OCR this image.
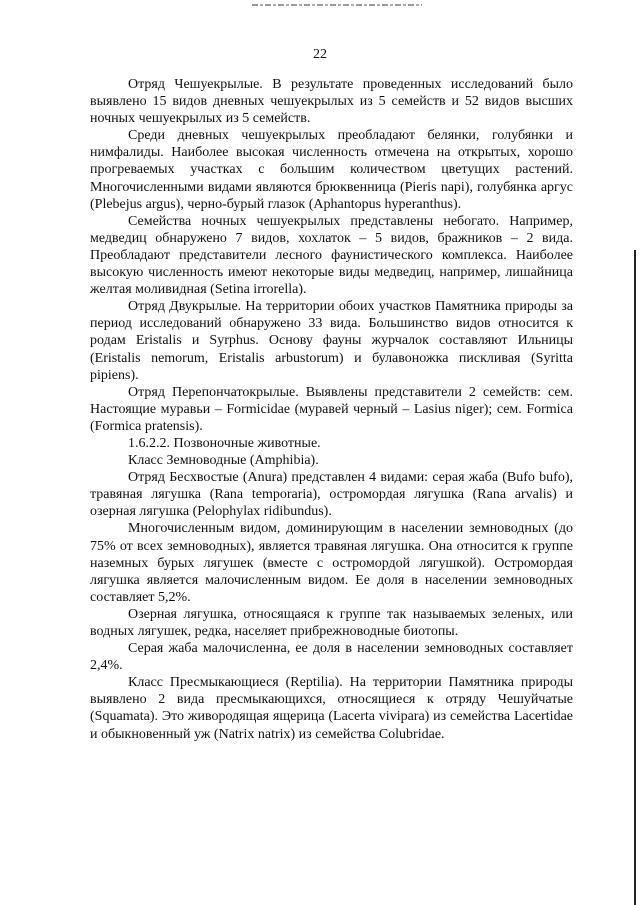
22

Отряд Чешуекрылые. В результате проведенных исследований было выявлено 15 видов дневных чешуекрылых из 5 семейств и 52 видов высших ночных чешуекрылых из 5 семейств.

Среди дневных чешуекрылых преобладают белянки, голубянки и нимфалиды. Наиболее высокая численность отмечена на открытых, хорошо прогреваемых участках с большим количеством цветущих растений. Многочисленными видами являются брюквенница (Pieris napi), голубянка аргус (Plebejus argus), черно-бурый глазок (Aphantopus hyperanthus).

Семейства ночных чешуекрылых представлены небогато. Например, медведиц обнаружено 7 видов, хохлаток – 5 видов, бражников – 2 вида. Преобладают представители лесного фаунистического комплекса. Наиболее высокую численность имеют некоторые виды медведиц, например, лишайница желтая моливидная (Setina irrorella).

Отряд Двукрылые. На территории обоих участков Памятника природы за период исследований обнаружено 33 вида. Большинство видов относится к родам Eristalis и Syrphus. Основу фауны журчалок составляют Ильницы (Eristalis nemorum, Eristalis arbustorum) и булавоножка пискливая (Syritta pipiens).

Отряд Перепончатокрылые. Выявлены представители 2 семейств: сем. Настоящие муравьи – Formicidae (муравей черный – Lasius niger); сем. Formica (Formica pratensis).

1.6.2.2. Позвоночные животные.

Класс Земноводные (Amphibia).

Отряд Бесхвостые (Anura) представлен 4 видами: серая жаба (Bufo bufo), травяная лягушка (Rana temporaria), остромордая лягушка (Rana arvalis) и озерная лягушка (Pelophylax ridibundus).

Многочисленным видом, доминирующим в населении земноводных (до 75% от всех земноводных), является травяная лягушка. Она относится к группе наземных бурых лягушек (вместе с остромордой лягушкой). Остромордая лягушка является малочисленным видом. Ее доля в населении земноводных составляет 5,2%.

Озерная лягушка, относящаяся к группе так называемых зеленых, или водных лягушек, редка, населяет прибрежноводные биотопы.

Серая жаба малочисленна, ее доля в населении земноводных составляет 2,4%.

Класс Пресмыкающиеся (Reptilia). На территории Памятника природы выявлено 2 вида пресмыкающихся, относящиеся к отряду Чешуйчатые (Squamata). Это живородящая ящерица (Lacerta vivipara) из семейства Lacertidae и обыкновенный уж (Natrix natrix) из семейства Colubridae.
